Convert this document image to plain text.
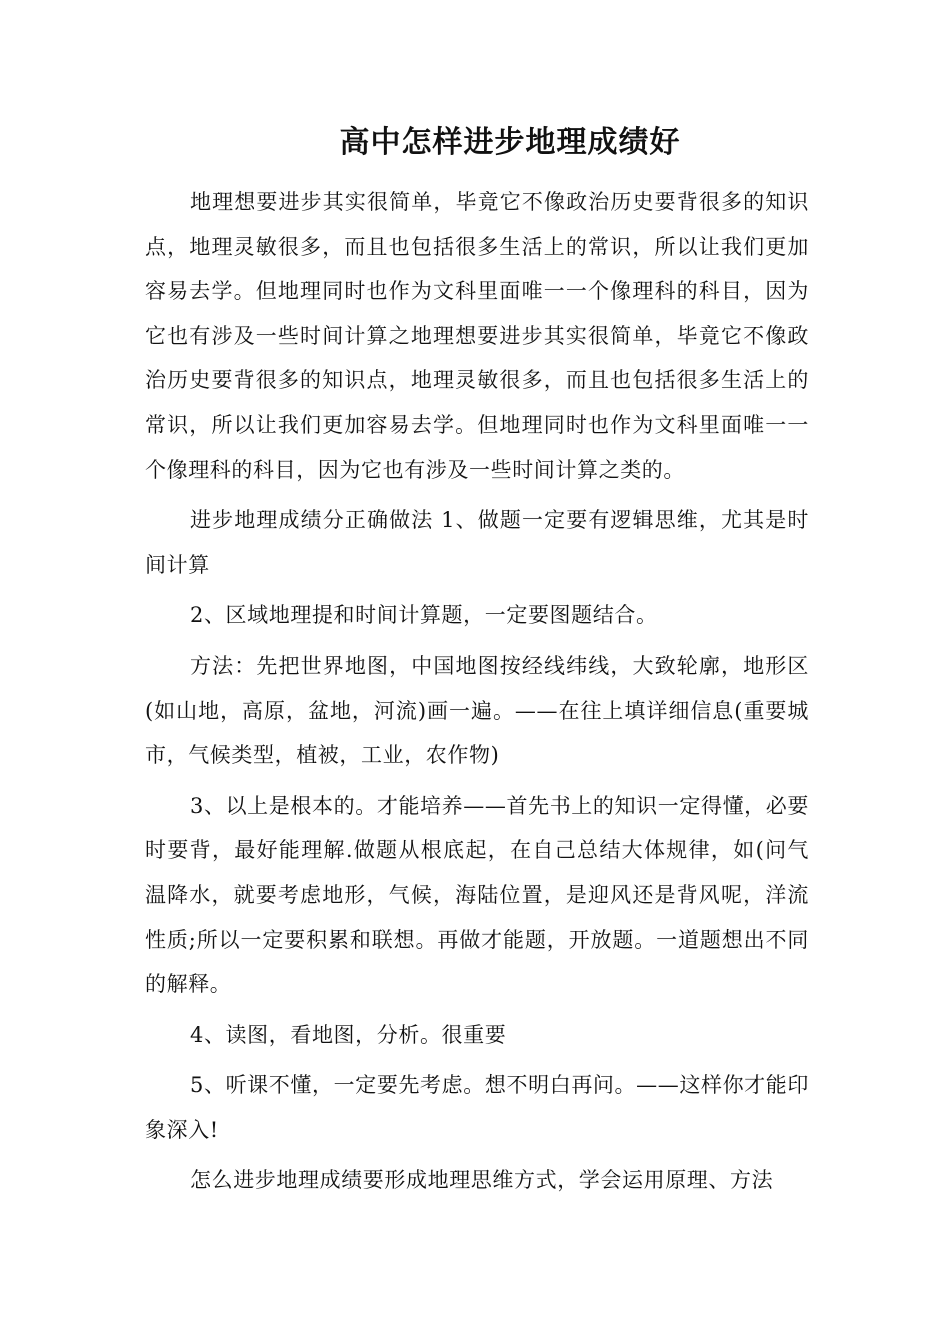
高中怎样进步地理成绩好

地理想要进步其实很简单，毕竟它不像政治历史要背很多的知识点，地理灵敏很多，而且也包括很多生活上的常识，所以让我们更加容易去学。但地理同时也作为文科里面唯一一个像理科的科目，因为它也有涉及一些时间计算之地理想要进步其实很简单，毕竟它不像政治历史要背很多的知识点，地理灵敏很多，而且也包括很多生活上的常识，所以让我们更加容易去学。但地理同时也作为文科里面唯一一个像理科的科目，因为它也有涉及一些时间计算之类的。

进步地理成绩分正确做法 1、做题一定要有逻辑思维，尤其是时间计算

2、区域地理提和时间计算题，一定要图题结合。

方法：先把世界地图，中国地图按经线纬线，大致轮廓，地形区(如山地，高原，盆地，河流)画一遍。——在往上填详细信息(重要城市，气候类型，植被，工业，农作物)

3、以上是根本的。才能培养——首先书上的知识一定得懂，必要时要背，最好能理解.做题从根底起，在自己总结大体规律，如(问气温降水，就要考虑地形，气候，海陆位置，是迎风还是背风呢，洋流性质;所以一定要积累和联想。再做才能题，开放题。一道题想出不同的解释。

4、读图，看地图，分析。很重要

5、听课不懂，一定要先考虑。想不明白再问。——这样你才能印象深入!

怎么进步地理成绩要形成地理思维方式，学会运用原理、方法
